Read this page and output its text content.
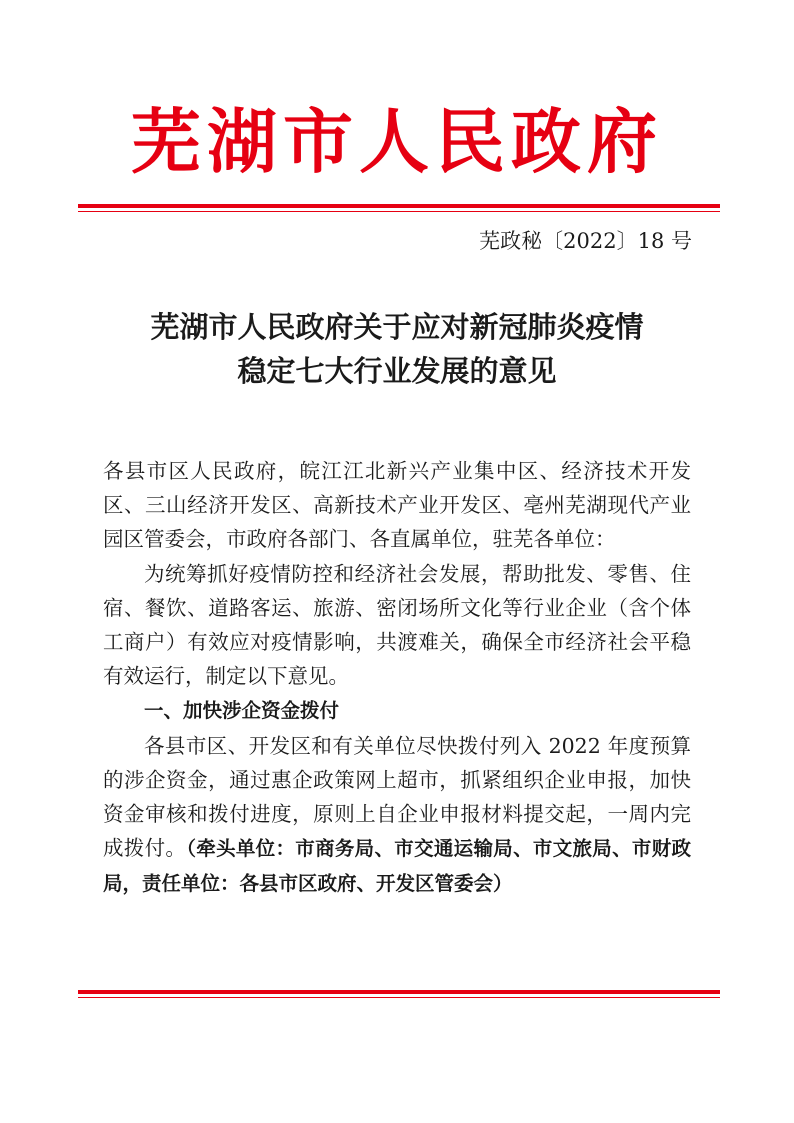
芜湖市人民政府
芜政秘〔2022〕18 号
芜湖市人民政府关于应对新冠肺炎疫情
稳定七大行业发展的意见

各县市区人民政府，皖江江北新兴产业集中区、经济技术开发区、三山经济开发区、高新技术产业开发区、亳州芜湖现代产业园区管委会，市政府各部门、各直属单位，驻芜各单位：

为统筹抓好疫情防控和经济社会发展，帮助批发、零售、住宿、餐饮、道路客运、旅游、密闭场所文化等行业企业（含个体工商户）有效应对疫情影响，共渡难关，确保全市经济社会平稳有效运行，制定以下意见。

一、加快涉企资金拨付

各县市区、开发区和有关单位尽快拨付列入 2022 年度预算的涉企资金，通过惠企政策网上超市，抓紧组织企业申报，加快资金审核和拨付进度，原则上自企业申报材料提交起，一周内完成拨付。（牵头单位：市商务局、市交通运输局、市文旅局、市财政局，责任单位：各县市区政府、开发区管委会）
